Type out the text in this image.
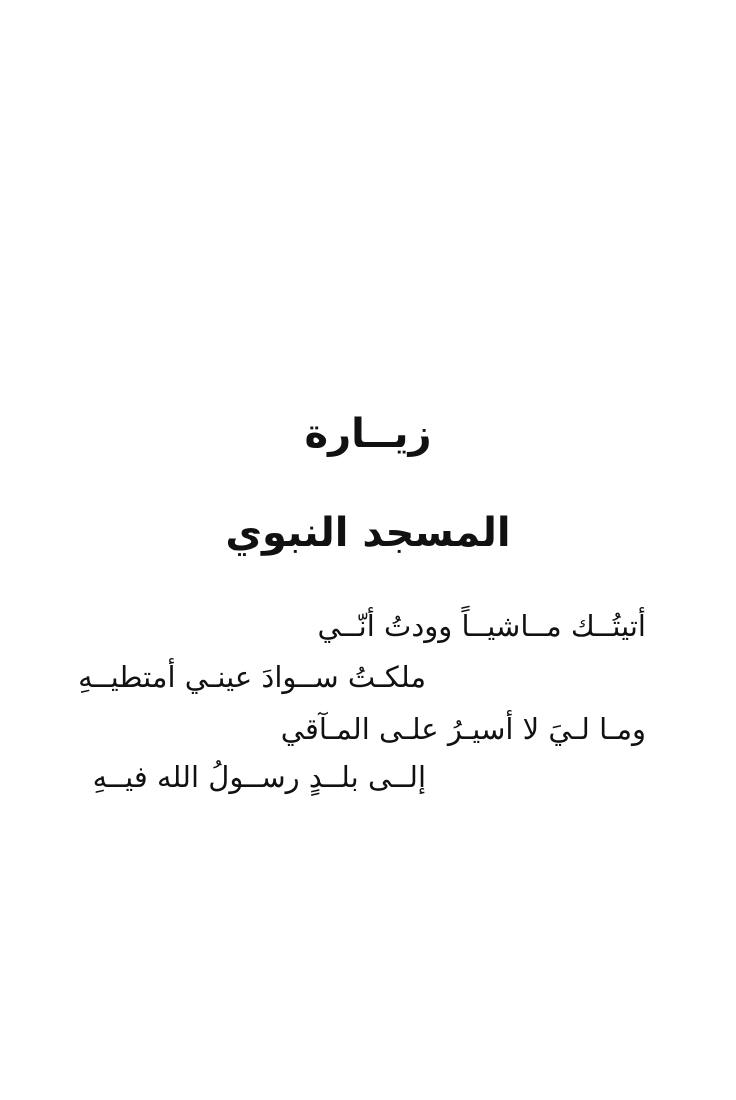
زيــارة
المسجد النبوي
أتيتُــك مــاشيــاً وودتُ أنّــي
ملكـتُ ســوادَ عينـي أمتطيــهِ
ومـا لـيَ لا أسيـرُ علـى المـآقي
إلــى بلــدٍ رســولُ الله فيــهِ
